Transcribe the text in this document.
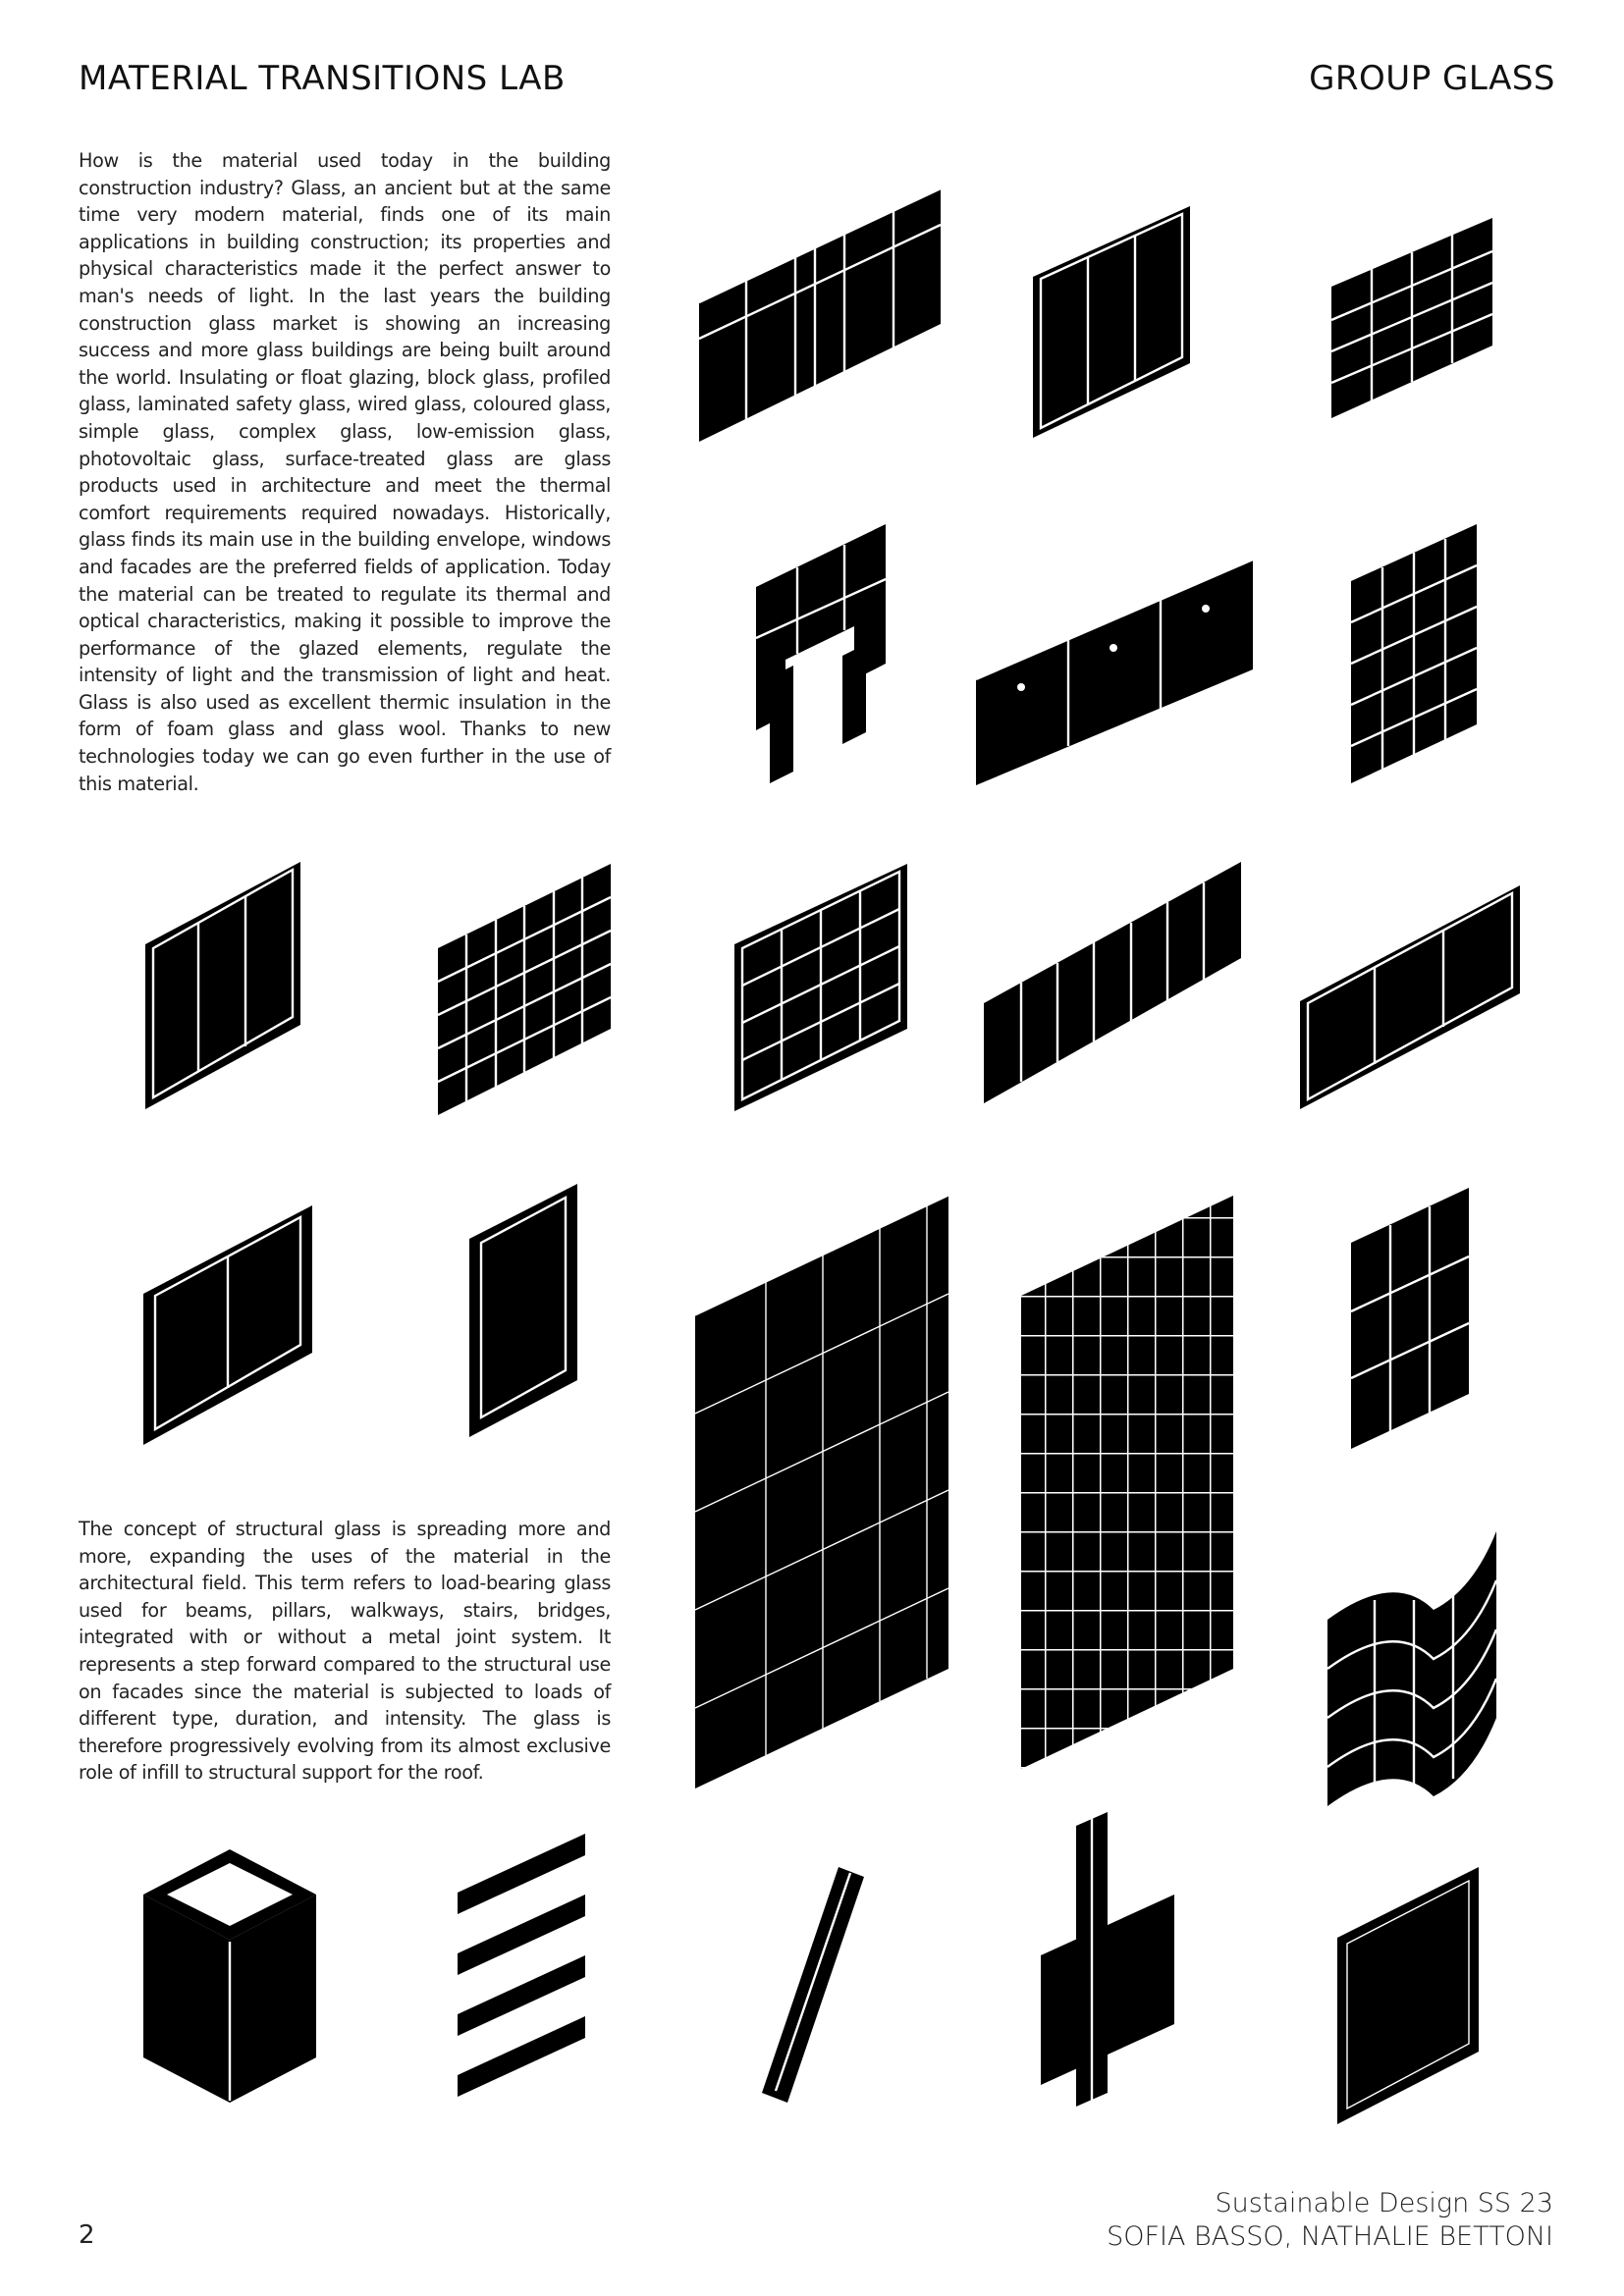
MATERIAL TRANSITIONS LAB	GROUP GLASS
How is the material used today in the building construction industry? Glass, an ancient but at the same time very modern material, finds one of its main applications in building construction; its properties and physical characteristics made it the perfect answer to man's needs of light. In the last years the building construction glass market is showing an increasing success and more glass buildings are being built around the world. Insulating or float glazing, block glass, profiled glass, laminated safety glass, wired glass, coloured glass, simple glass, complex glass, low-emission glass, photovoltaic glass, surface-treated glass are glass products used in architecture and meet the thermal comfort requirements required nowadays. Historically, glass finds its main use in the building envelope, windows and facades are the preferred fields of application. Today the material can be treated to regulate its thermal and optical characteristics, making it possible to improve the performance of the glazed elements, regulate the intensity of light and the transmission of light and heat. Glass is also used as excellent thermic insulation in the form of foam glass and glass wool. Thanks to new technologies today we can go even further in the use of this material.
The concept of structural glass is spreading more and more, expanding the uses of the material in the architectural field. This term refers to load-bearing glass used for beams, pillars, walkways, stairs, bridges, integrated with or without a metal joint system. It represents a step forward compared to the structural use on facades since the material is subjected to loads of different type, duration, and intensity. The glass is therefore progressively evolving from its almost exclusive role of infill to structural support for the roof.
2
Sustainable Design SS 23
SOFIA BASSO, NATHALIE BETTONI
